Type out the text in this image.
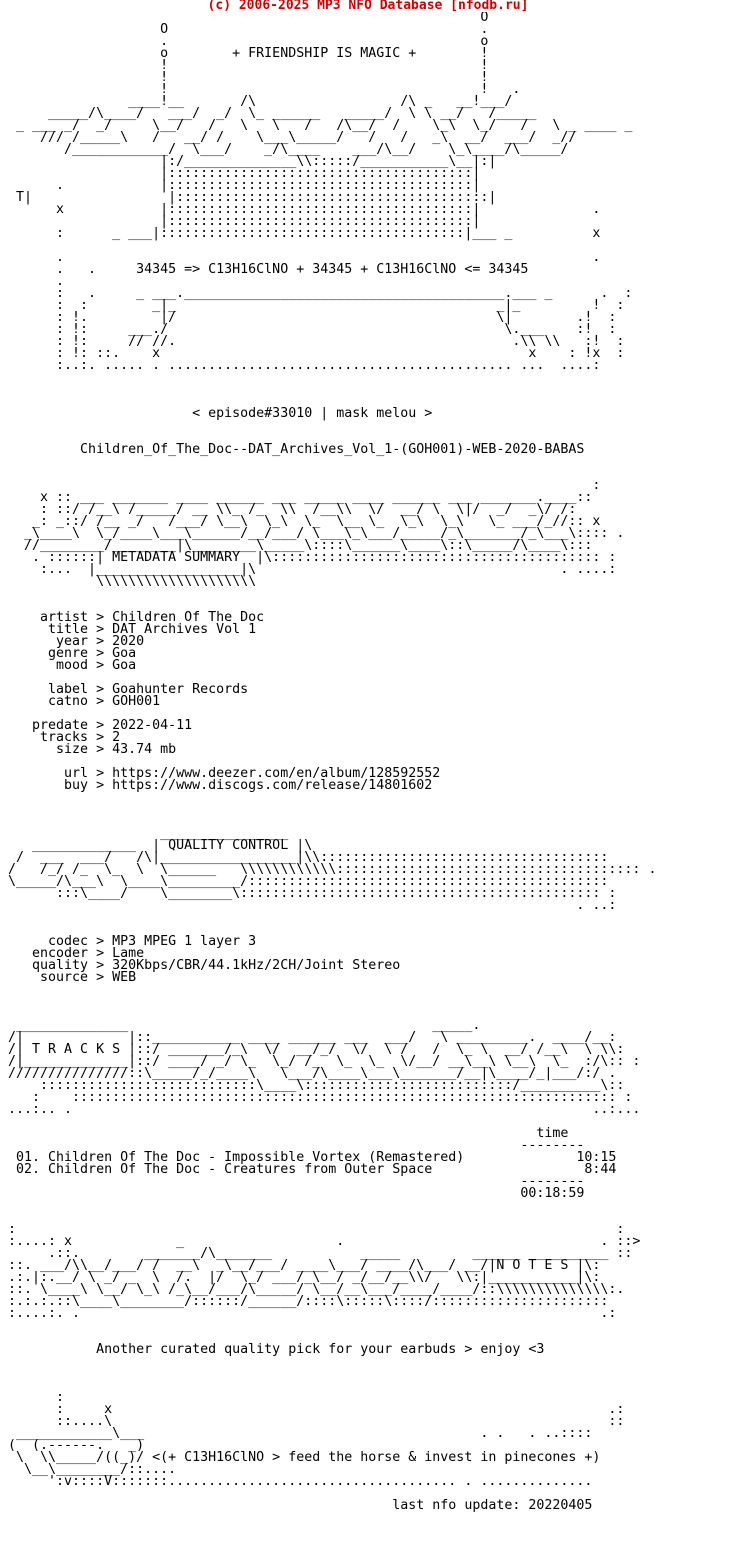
(c) 2006-2025 MP3 NFO Database [nfodb.ru]
O
O                                       .
.                                       o
o        + FRIENDSHIP IS MAGIC +        !
!                                       !
!                                       !
!                                       !   .
____!__       /\                  /\ _   __!___/
_____/\____/   ___/  _/  \_ ______   _____/  \ \ __/   /_____
_ ___ _/  _/     \__/   /   \   \   /   /\__/  /    \_\  \_/   /   \ _ ____ _
/// /_____\   /   __/ /    \___\_____/   /   /   _\  __/  ___/  _//
/____________/  \___/    _/\____    ___/\__/    \_\____/\_____/
|:/______________\\:::::/___________\__|:|
|::::::::::::::::::::::::::::::::::::::|
.            |::::::::::::::::::::::::::::::::::::::|
T|                 |:::::::::::::::::::::::::::::::::::::::|
x            |::::::::::::::::::::::::::::::::::::::|              .
|::::::::::::::::::::::::::::::::::::::|
:      _ ___|::::::::::::::::::::::::::::::::::::::|___ _          x

.                                                                  .
.   .     34345 => C13H16ClNO + 34345 + C13H16ClNO <= 34345
.
:   .     _ ___.________________________________________.___ _      .  :
:  :        _|_                                        _|_         !  :
: !.         |/                                        \|        .!  :
: !:     ___./                                          \.___    :!  :
: !:     // //.                                          .\\ \\   :!  :
: !: ::.    x                                              x    : !x  :
:..:. ..... . ........................................... ...  ....:

< episode#33010 | mask melou >

Children_Of_The_Doc--DAT_Archives_Vol_1-(GOH001)-WEB-2020-BABAS

:
x :: ___ _______ ____ ______ ___ _____ ____ ______ ___ _______.____::
: ::/ /__\ /_____/ __ \\_ /_  \\  /__\\  \/  __/ \  \|/  _/  _\/ /:
_: _::/ /__ _/   /___/ \__\  \_\  \_  \__ \_  \_\  \_\   \_ ___/_//:: x
_\____\  \_/____\___\______/__/___/ \___\_\___/_____/_\_______/_\___\:::: .
//________/________|\________\_____\::::\______\____\::\_____/\____\:::
. ::::::| METADATA SUMMARY  |\::::::::::::::::::::::::::::::::::::::::: :
:...  |__________________|\                                      . ....:
\\\\\\\\\\\\\\\\\\\\

artist > Children Of The Doc
title > DAT Archives Vol 1
year > 2020
genre > Goa
mood > Goa

label > Goahunter Records
catno > GOH001

predate > 2022-04-11
tracks > 2
size > 43.74 mb

url > https://www.deezer.com/en/album/128592552
buy > https://www.discogs.com/release/14801602

________________
_____________  | QUALITY CONTROL |\
/  ___  ___/   /\|_________________|\\::::::::::::::::::::::::::::::::::::
/   /_/ /_  \_  \  \______   \\\\\\\\\\\\:::::::::::::::::::::::::::::::::::::: .
\_____/\___\  \____\_________/:::::::::::::::::::::::::::::::::::::::::::::
:::\____/    \________\::::::::::::::::::::::::::::::::::::::::::::: :
. ..:

codec > MP3 MPEG 1 layer 3
encoder > Lame
quality > 320Kbps/CBR/44.1kHz/2CH/Joint Stereo
source > WEB

______________                                      _____.
/|             |::___________ ____ ______ ___  ___/   \ _________.  ____/__:
/| T R A C K S |::/ _______/_\  \/  __/_/  \/  \ /   /  \_ \  __/ /__\  \ \\:
/|_____________|::/ ____/ _/ \_  \_/ /_  \_  \_  \/__/ __\__\ \__\  \_  :/\:: :
///////////////::\_____/_/____\   \___/\____\___\_______/__|\____/_|___/:/ .
:::::::::::::::::::::::::::\____\::::::::::::::::::::::::::/__________\::
:    :::::::::::::::::::::::::::::::::::::::::::::::::::::::::::::::::::: :
...:.. .                                                                 ..:...

time
--------
01. Children Of The Doc - Impossible Vortex (Remastered)              10:15
02. Children Of The Doc - Creatures from Outer Space                   8:44
--------
00:18:59

:                                                                           :
:....: x             _                   .                                . ::>
.::.        _______/\_______           _____         ______ __________ ::
::. ___/\\__/___/ /  __\  _\__/___/ ____\___/ ____/\___/ __/|N O T E S |\:
.:.|:.__/ \ _/ _  \  /.  |/  \_/ ___/_\__/ _/__/__\\/   \\:|___________|\:
::. \____\ \__/ \_\ /_\__/___/\_____/ \__/__\___/____/____/::\\\\\\\\\\\\\\:.
:.:.:.::\____\________/::::::/______/::::\:::::\::::/::::::::::::::::::::::
:....:. .                                                                 .:

Another curated quality pick for your earbuds > enjoy <3

:
:     x                                                              .:
::....\                                                              ::
____________\___                                          . .   . ..::::
(  (.------.   _)
\  \\_____/((_)/ <(+ C13H16ClNO > feed the horse & invest in pinecones +)
\__\________/::....
':v::::V:::::::.................................... . ..............

last nfo update: 20220405
